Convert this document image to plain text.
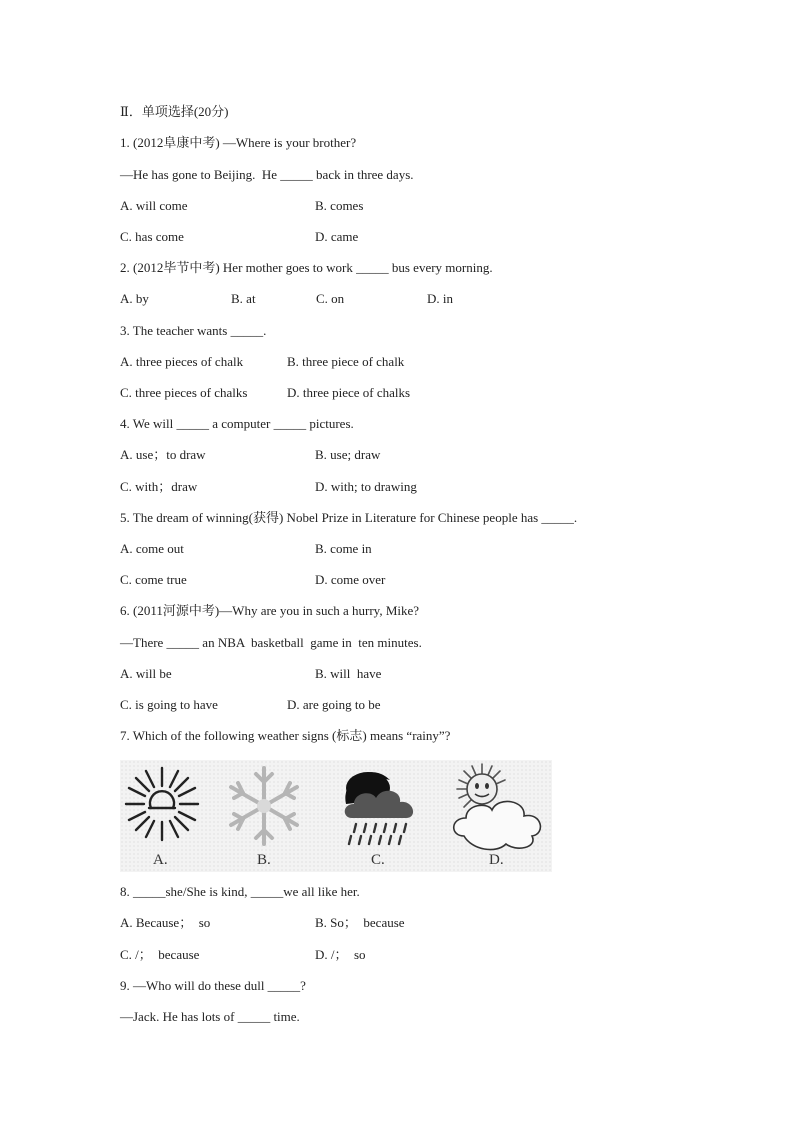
Ⅱ．单项选择(20分)
1. (2012阜康中考) —Where is your brother?
—He has gone to Beijing.  He _____ back in three days.
A. will come	B. comes
C. has come	D. came
2. (2012毕节中考) Her mother goes to work _____ bus every morning.
A. by	B. at	C. on	D. in
3. The teacher wants _____.
A. three pieces of chalk	B. three piece of chalk
C. three pieces of chalks	D. three piece of chalks
4. We will _____ a computer _____ pictures.
A. use；to draw	B. use; draw
C. with；draw	D. with; to drawing
5. The dream of winning(获得) Nobel Prize in Literature for Chinese people has _____.
A. come out	B. come in
C. come true	D. come over
6. (2011河源中考)—Why are you in such a hurry, Mike?
—There _____ an NBA  basketball  game in  ten minutes.
A. will be	B. will  have
C. is going to have	D. are going to be
7. Which of the following weather signs (标志) means “rainy”?
A.	B.	C.	D.
8. _____she/She is kind, _____we all like her.
A. Because；  so	B. So；  because
C. /；  because	D. /；  so
9. —Who will do these dull _____?
—Jack. He has lots of _____ time.
